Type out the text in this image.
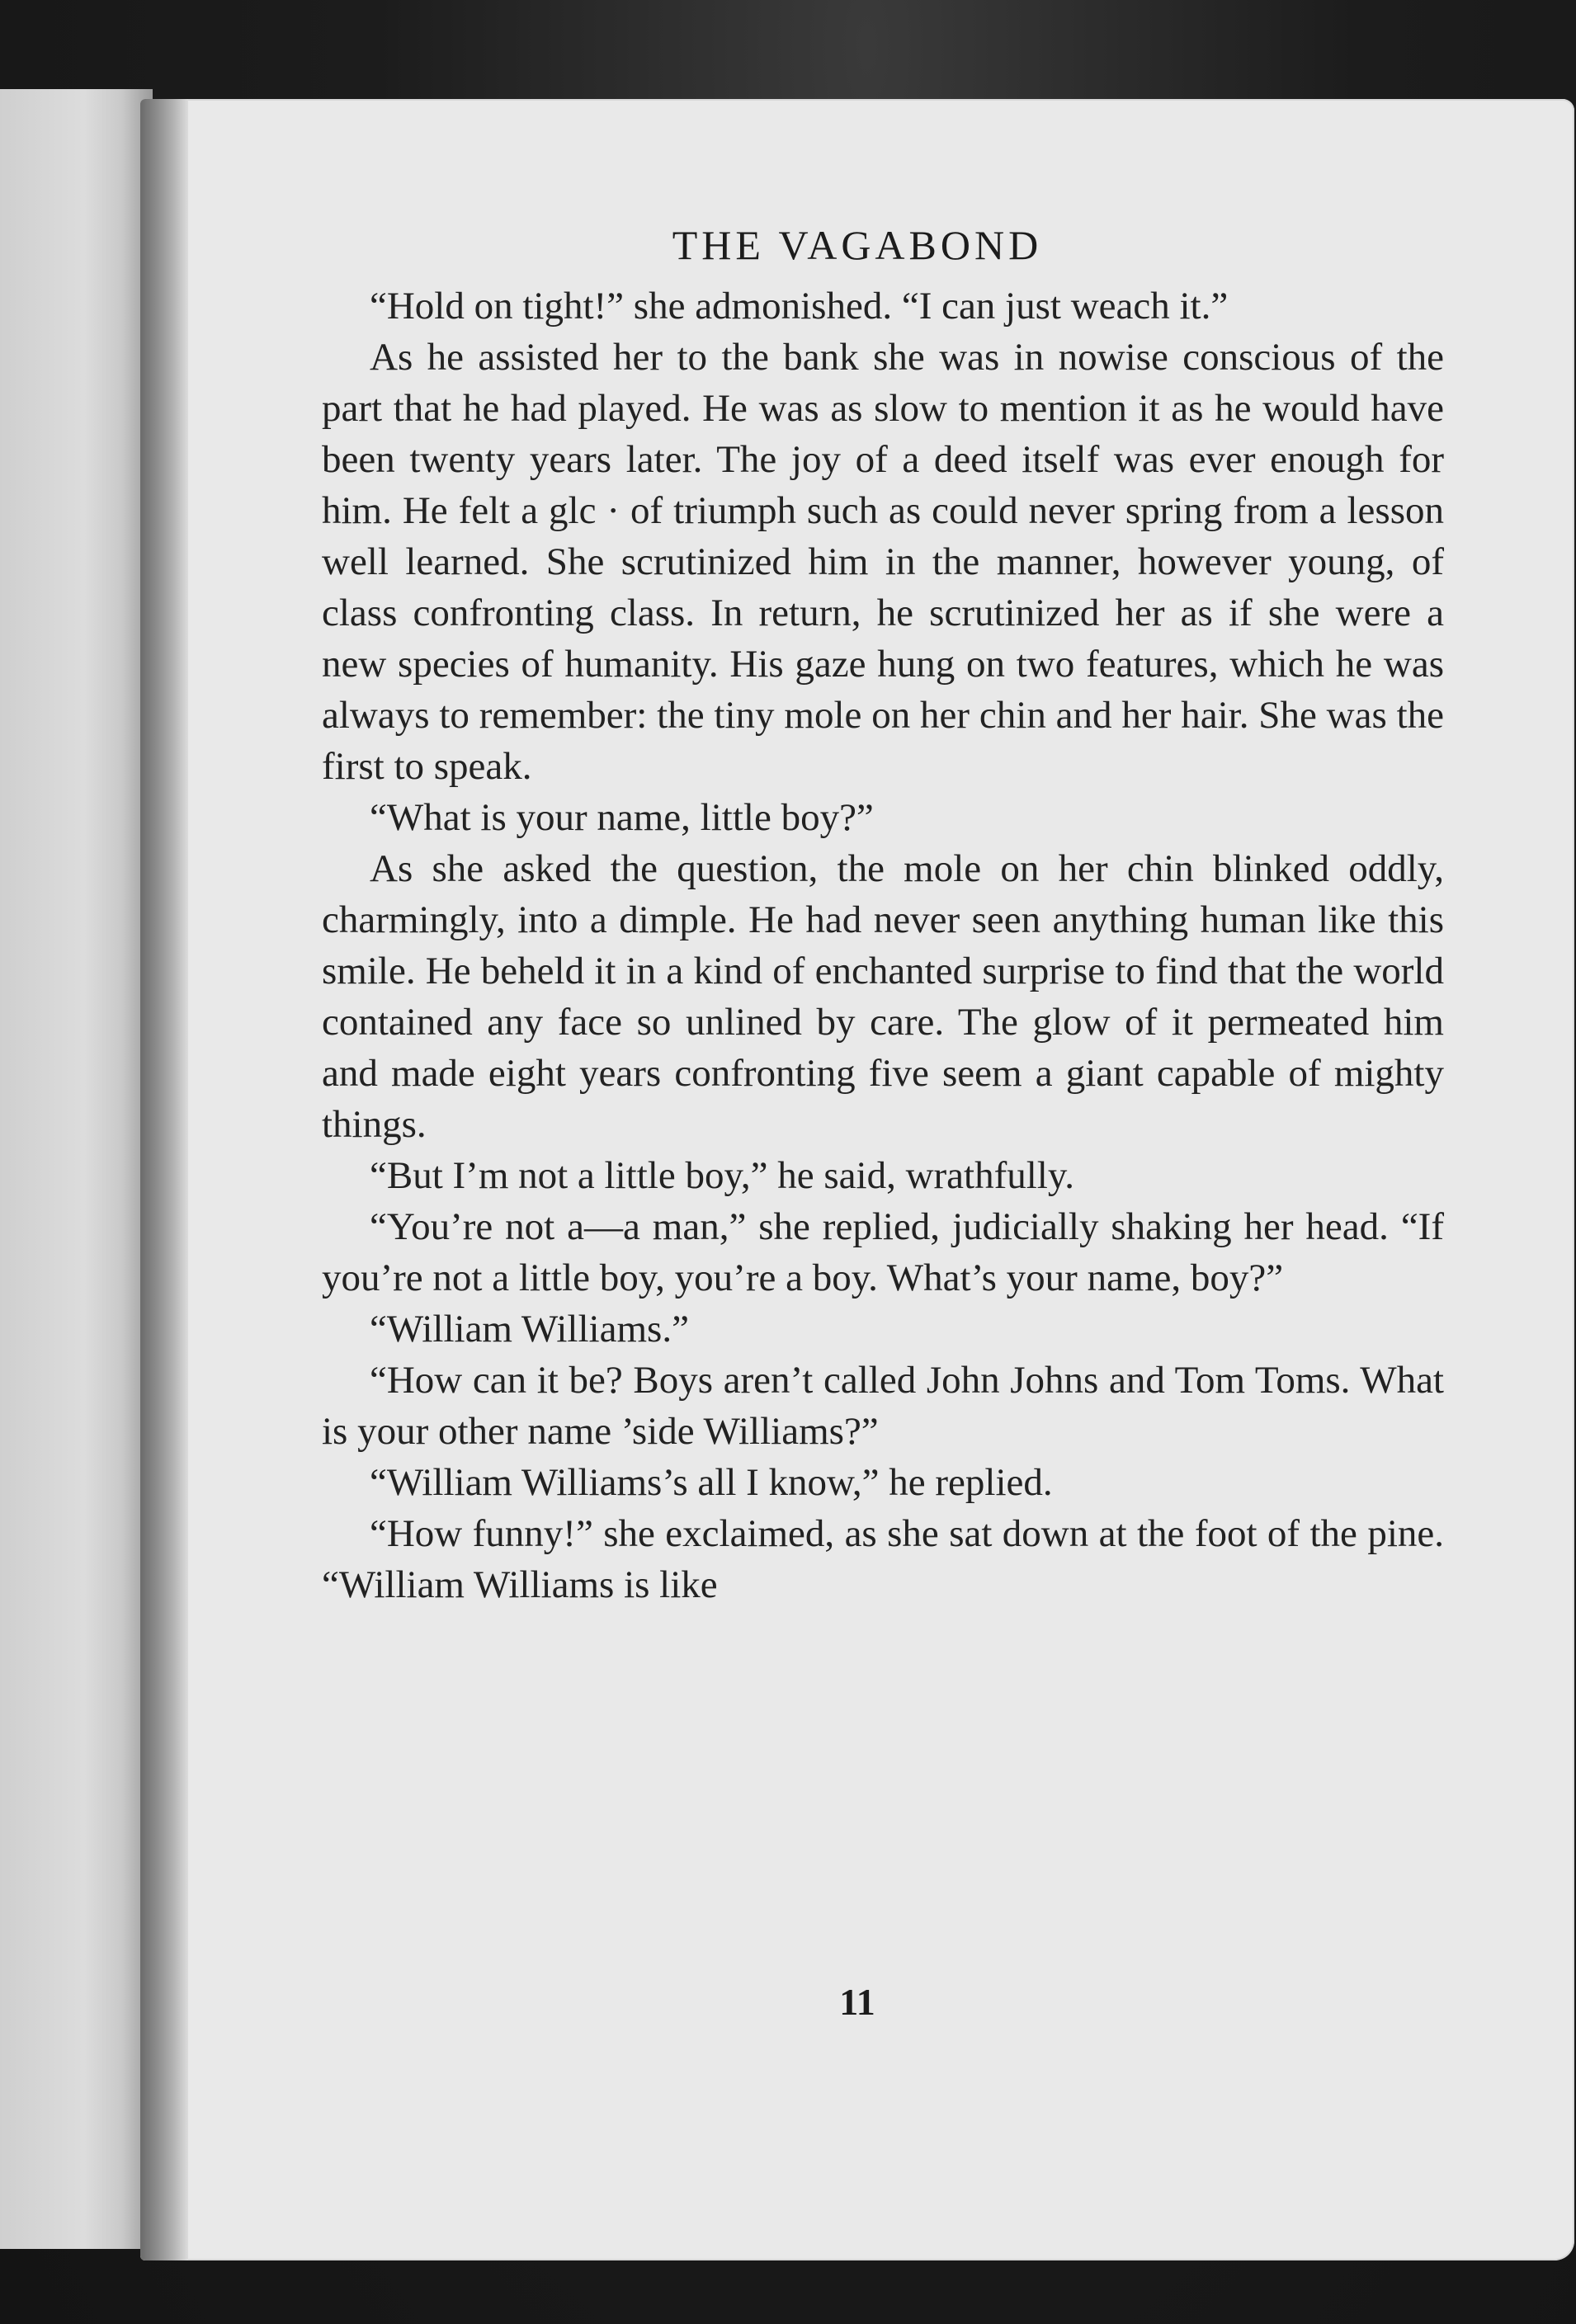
THE VAGABOND

“Hold on tight!” she admonished. “I can just weach it.”

As he assisted her to the bank she was in nowise conscious of the part that he had played. He was as slow to mention it as he would have been twenty years later. The joy of a deed itself was ever enough for him. He felt a glc · of triumph such as could never spring from a lesson well learned. She scrutinized him in the manner, however young, of class confronting class. In return, he scrutinized her as if she were a new species of humanity. His gaze hung on two features, which he was always to remember: the tiny mole on her chin and her hair. She was the first to speak.

“What is your name, little boy?”

As she asked the question, the mole on her chin blinked oddly, charmingly, into a dimple. He had never seen anything human like this smile. He beheld it in a kind of enchanted surprise to find that the world contained any face so unlined by care. The glow of it permeated him and made eight years confronting five seem a giant capable of mighty things.

“But I’m not a little boy,” he said, wrathfully.

“You’re not a—a man,” she replied, judicially shaking her head. “If you’re not a little boy, you’re a boy. What’s your name, boy?”

“William Williams.”

“How can it be? Boys aren’t called John Johns and Tom Toms. What is your other name ’side Williams?”

“William Williams’s all I know,” he replied.

“How funny!” she exclaimed, as she sat down at the foot of the pine. “William Williams is like

11
